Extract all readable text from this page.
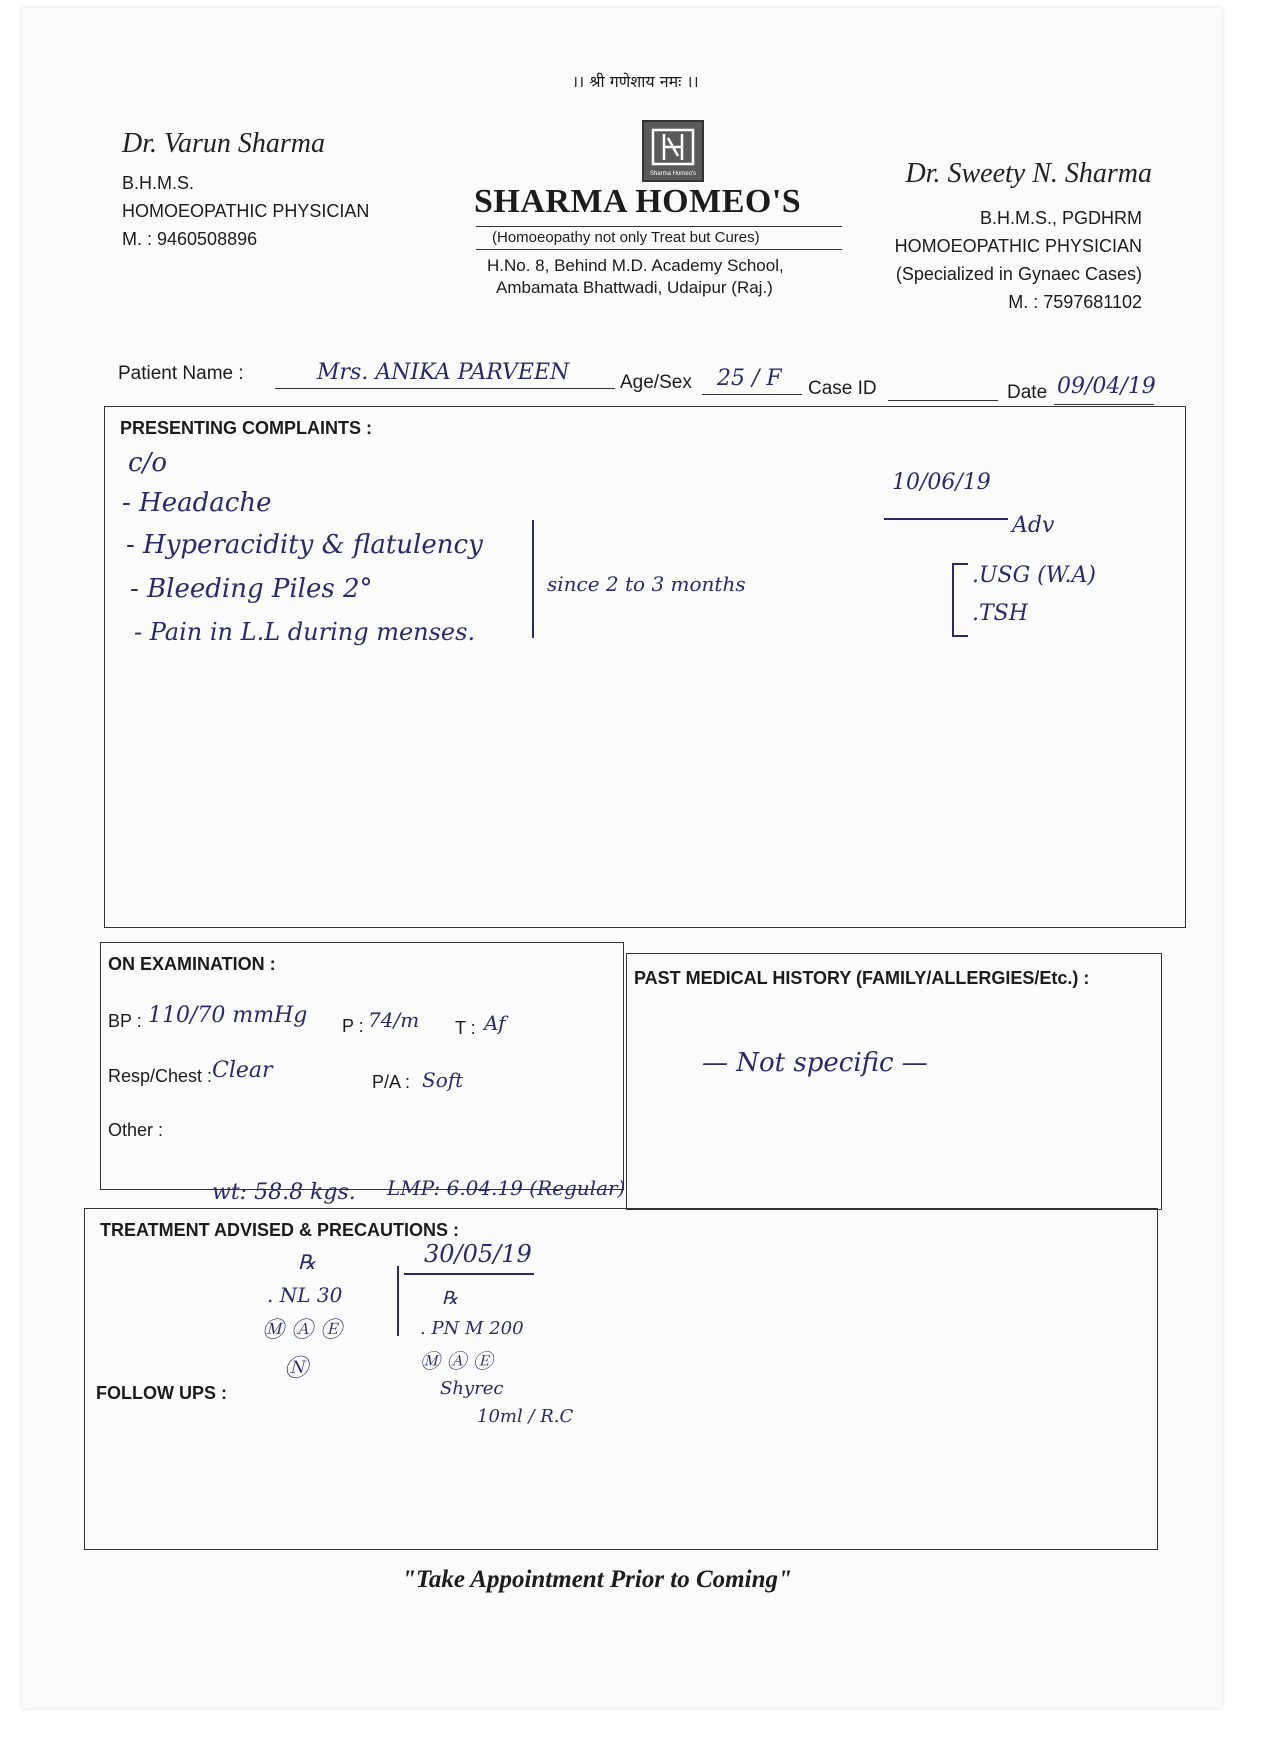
।। श्री गणेशाय नमः ।।
Dr. Varun Sharma
B.H.M.S.
HOMOEOPATHIC PHYSICIAN
M. : 9460508896
Sharma Homeo's
SHARMA HOMEO'S
(Homoeopathy not only Treat but Cures)
H.No. 8, Behind M.D. Academy School,
Ambamata Bhattwadi, Udaipur (Raj.)
Dr. Sweety N. Sharma
B.H.M.S., PGDHRM
HOMOEOPATHIC PHYSICIAN
(Specialized in Gynaec Cases)
M. : 7597681102
Patient Name :	Mrs. ANIKA PARVEEN	Age/Sex 25 / F Case ID	Date 09/04/19
PRESENTING COMPLAINTS :
c/o
- Headache
- Hyperacidity & flatulency
- Bleeding Piles 2°
- Pain in L.L during menses.
since 2 to 3 months
10/06/19
Adv
.USG (W.A)
.TSH
ON EXAMINATION :
BP : 110/70 mmHg P : 74/m T : Af
Resp/Chest : Clear	P/A : Soft
Other :
wt: 58.8 kgs. LMP: 6.04.19 (Regular)
PAST MEDICAL HISTORY (FAMILY/ALLERGIES/Etc.) :
— Not specific —
TREATMENT ADVISED & PRECAUTIONS :
FOLLOW UPS :
℞
. NL 30
Ⓜ Ⓐ Ⓔ
Ⓝ
30/05/19
℞
. PN M 200
Ⓜ Ⓐ Ⓔ
Shyrec
10ml / R.C
"Take Appointment Prior to Coming"
